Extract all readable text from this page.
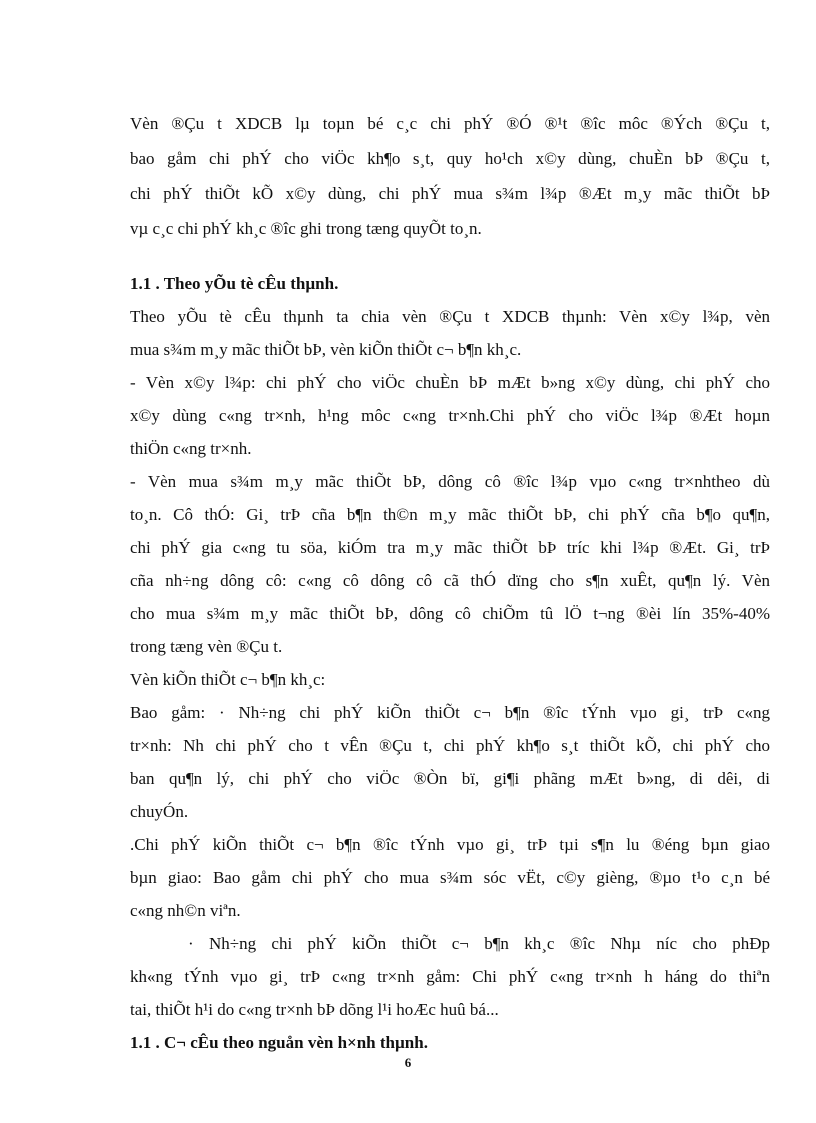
Vèn ®Çu t XDCB lµ toµn bé c¸c chi phÝ ®Ó ®¹t ®îc môc ®Ých ®Çu t,
bao gåm chi phÝ cho viÖc kh¶o s¸t, quy ho¹ch x©y dùng, chuÈn bÞ ®Çu t,
chi phÝ thiÕt kÕ x©y dùng, chi phÝ mua s¾m l¾p ®Æt m¸y mãc thiÕt bÞ
vµ c¸c chi phÝ kh¸c ®îc ghi trong tæng quyÕt to¸n.
1.1 . Theo yÕu tè cÊu thµnh.
Theo yÕu tè cÊu thµnh ta chia vèn ®Çu t XDCB thµnh: Vèn x©y l¾p, vèn
mua s¾m m¸y mãc thiÕt bÞ, vèn kiÕn thiÕt c¬ b¶n kh¸c.
- Vèn x©y l¾p: chi phÝ cho viÖc chuÈn bÞ mÆt b»ng x©y dùng, chi phÝ cho
x©y dùng c«ng tr×nh, h¹ng môc c«ng tr×nh.Chi phÝ cho viÖc l¾p ®Æt hoµn
thiÖn c«ng tr×nh.
- Vèn mua s¾m m¸y mãc thiÕt bÞ, dông cô ®îc l¾p vµo c«ng tr×nhtheo dù
to¸n. Cô thÓ: Gi¸ trÞ cña b¶n th©n m¸y mãc thiÕt bÞ, chi phÝ cña b¶o qu¶n,
chi phÝ gia c«ng tu söa, kiÓm tra m¸y mãc thiÕt bÞ tríc khi l¾p ®Æt. Gi¸ trÞ
cña nh÷ng dông cô: c«ng cô dông cô cã thÓ dïng cho s¶n xuÊt, qu¶n lý. Vèn
cho mua s¾m m¸y mãc thiÕt bÞ, dông cô chiÕm tû lÖ t¬ng ®èi lín 35%-40%
trong tæng vèn ®Çu t.
Vèn kiÕn thiÕt c¬ b¶n kh¸c:
Bao gåm: · Nh÷ng chi phÝ kiÕn thiÕt c¬ b¶n ®îc tÝnh vµo gi¸ trÞ c«ng
tr×nh: Nh chi phÝ cho t vÊn ®Çu t, chi phÝ kh¶o s¸t thiÕt kÕ, chi phÝ cho
ban qu¶n lý, chi phÝ cho viÖc ®Òn bï, gi¶i phãng mÆt b»ng, di dêi, di
chuyÓn.
.Chi phÝ kiÕn thiÕt c¬ b¶n ®îc tÝnh vµo gi¸ trÞ tµi s¶n lu ®éng bµn giao
bµn giao: Bao gåm chi phÝ cho mua s¾m sóc vËt, c©y gièng, ®µo t¹o c¸n bé
c«ng nh©n viªn.
· Nh÷ng chi phÝ kiÕn thiÕt c¬ b¶n kh¸c ®îc Nhµ níc cho phÐp
kh«ng tÝnh vµo gi¸ trÞ c«ng tr×nh gåm: Chi phÝ c«ng tr×nh h háng do thiªn
tai, thiÕt h¹i do c«ng tr×nh bÞ dõng l¹i hoÆc huû bá...
1.1 . C¬ cÊu theo nguån vèn h×nh thµnh.
6
